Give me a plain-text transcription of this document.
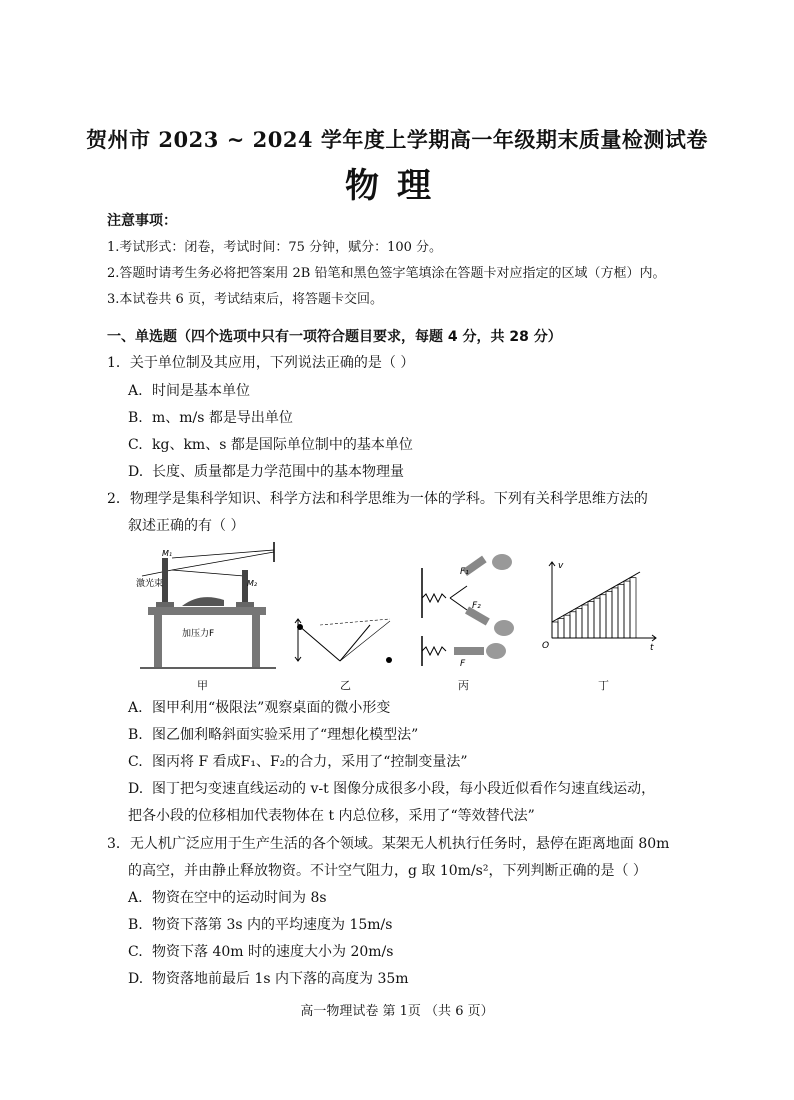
贺州市 2023 ~ 2024 学年度上学期高一年级期末质量检测试卷
物理
注意事项：
1.考试形式：闭卷，考试时间：75 分钟，赋分：100 分。
2.答题时请考生务必将把答案用 2B 铅笔和黑色签字笔填涂在答题卡对应指定的区域（方框）内。
3.本试卷共 6 页，考试结束后，将答题卡交回。
一、单选题（四个选项中只有一项符合题目要求，每题 4 分，共 28 分）
1．关于单位制及其应用，下列说法正确的是（ ）
A. 时间是基本单位
B. m、m/s 都是导出单位
C. kg、km、s 都是国际单位制中的基本单位
D. 长度、质量都是力学范围中的基本物理量
2．物理学是集科学知识、科学方法和科学思维为一体的学科。下列有关科学思维方法的
叙述正确的有（ ）
M₁
M₂
激光束
加压力F
F₁
F₂
F
v
t
O
甲	乙	丙	丁
A. 图甲利用“极限法”观察桌面的微小形变
B. 图乙伽利略斜面实验采用了“理想化模型法”
C. 图丙将 F 看成F₁、F₂的合力，采用了“控制变量法”
D. 图丁把匀变速直线运动的 v-t 图像分成很多小段，每小段近似看作匀速直线运动，
把各小段的位移相加代表物体在 t 内总位移，采用了“等效替代法”
3．无人机广泛应用于生产生活的各个领域。某架无人机执行任务时，悬停在距离地面 80m
的高空，并由静止释放物资。不计空气阻力，g 取 10m/s²，下列判断正确的是（ ）
A. 物资在空中的运动时间为 8s
B. 物资下落第 3s 内的平均速度为 15m/s
C. 物资下落 40m 时的速度大小为 20m/s
D. 物资落地前最后 1s 内下落的高度为 35m
高一物理试卷 第 1页 （共 6 页）
